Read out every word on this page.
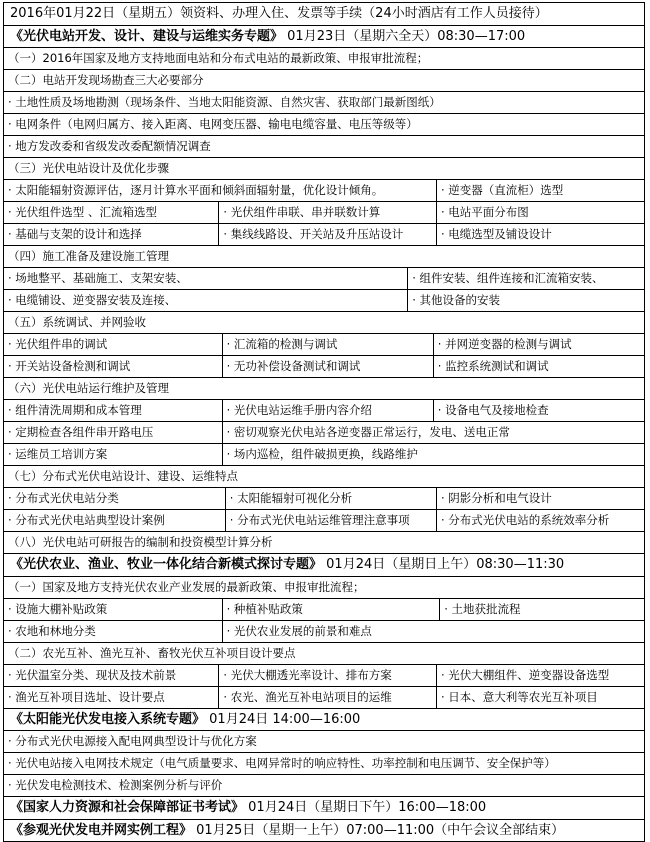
2016年01月22日（星期五）领资料、办理入住、发票等手续（24小时酒店有工作人员接待）
《光伏电站开发、设计、建设与运维实务专题》 01月23日（星期六全天）08:30—17:00
（一）2016年国家及地方支持地面电站和分布式电站的最新政策、申报审批流程；
（二）电站开发现场勘查三大必要部分
· 土地性质及场地勘测（现场条件、当地太阳能资源、自然灾害、获取部门最新图纸）
· 电网条件（电网归属方、接入距离、电网变压器、输电电缆容量、电压等级等）
· 地方发改委和省级发改委配额情况调查
（三）光伏电站设计及优化步骤
· 太阳能辐射资源评估，逐月计算水平面和倾斜面辐射量，优化设计倾角。	· 逆变器（直流柜）选型
· 光伏组件选型 、汇流箱选型	· 光伏组件串联、串并联数计算	· 电站平面分布图
· 基础与支架的设计和选择	· 集线线路设、开关站及升压站设计	· 电缆选型及铺设设计
（四）施工准备及建设施工管理
· 场地整平、基础施工、支架安装、	· 组件安装、组件连接和汇流箱安装、
· 电缆铺设、逆变器安装及连接、	· 其他设备的安装
（五）系统调试、并网验收
· 光伏组件串的调试	· 汇流箱的检测与调试	· 并网逆变器的检测与调试
· 开关站设备检测和调试	· 无功补偿设备测试和调试	· 监控系统测试和调试
（六）光伏电站运行维护及管理
· 组件清洗周期和成本管理	· 光伏电站运维手册内容介绍	· 设备电气及接地检查
· 定期检查各组件串开路电压	· 密切观察光伏电站各逆变器正常运行，发电、送电正常
· 运维员工培训方案	· 场内巡检，组件破损更换，线路维护
（七）分布式光伏电站设计、建设、运维特点
· 分布式光伏电站分类	· 太阳能辐射可视化分析	· 阴影分析和电气设计
· 分布式光伏电站典型设计案例	· 分布式光伏电站运维管理注意事项	· 分布式光伏电站的系统效率分析
（八）光伏电站可研报告的编制和投资模型计算分析
《光伏农业、渔业、牧业一体化结合新模式探讨专题》 01月24日（星期日上午）08:30—11:30
（一）国家及地方支持光伏农业产业发展的最新政策、申报审批流程；
· 设施大棚补贴政策	· 种植补贴政策	· 土地获批流程
· 农地和林地分类	· 光伏农业发展的前景和难点
（二）农光互补、渔光互补、畜牧光伏互补项目设计要点
· 光伏温室分类、现状及技术前景	· 光伏大棚透光率设计、排布方案	· 光伏大棚组件、逆变器设备选型
· 渔光互补项目选址、设计要点	· 农光、渔光互补电站项目的运维	· 日本、意大利等农光互补项目
《太阳能光伏发电接入系统专题》 01月24日 14:00—16:00
· 分布式光伏电源接入配电网典型设计与优化方案
· 光伏电站接入电网技术规定（电气质量要求、电网异常时的响应特性、功率控制和电压调节、安全保护等）
· 光伏发电检测技术、检测案例分析与评价
《国家人力资源和社会保障部证书考试》 01月24日（星期日下午）16:00—18:00
《参观光伏发电并网实例工程》 01月25日（星期一上午）07:00—11:00（中午会议全部结束）
